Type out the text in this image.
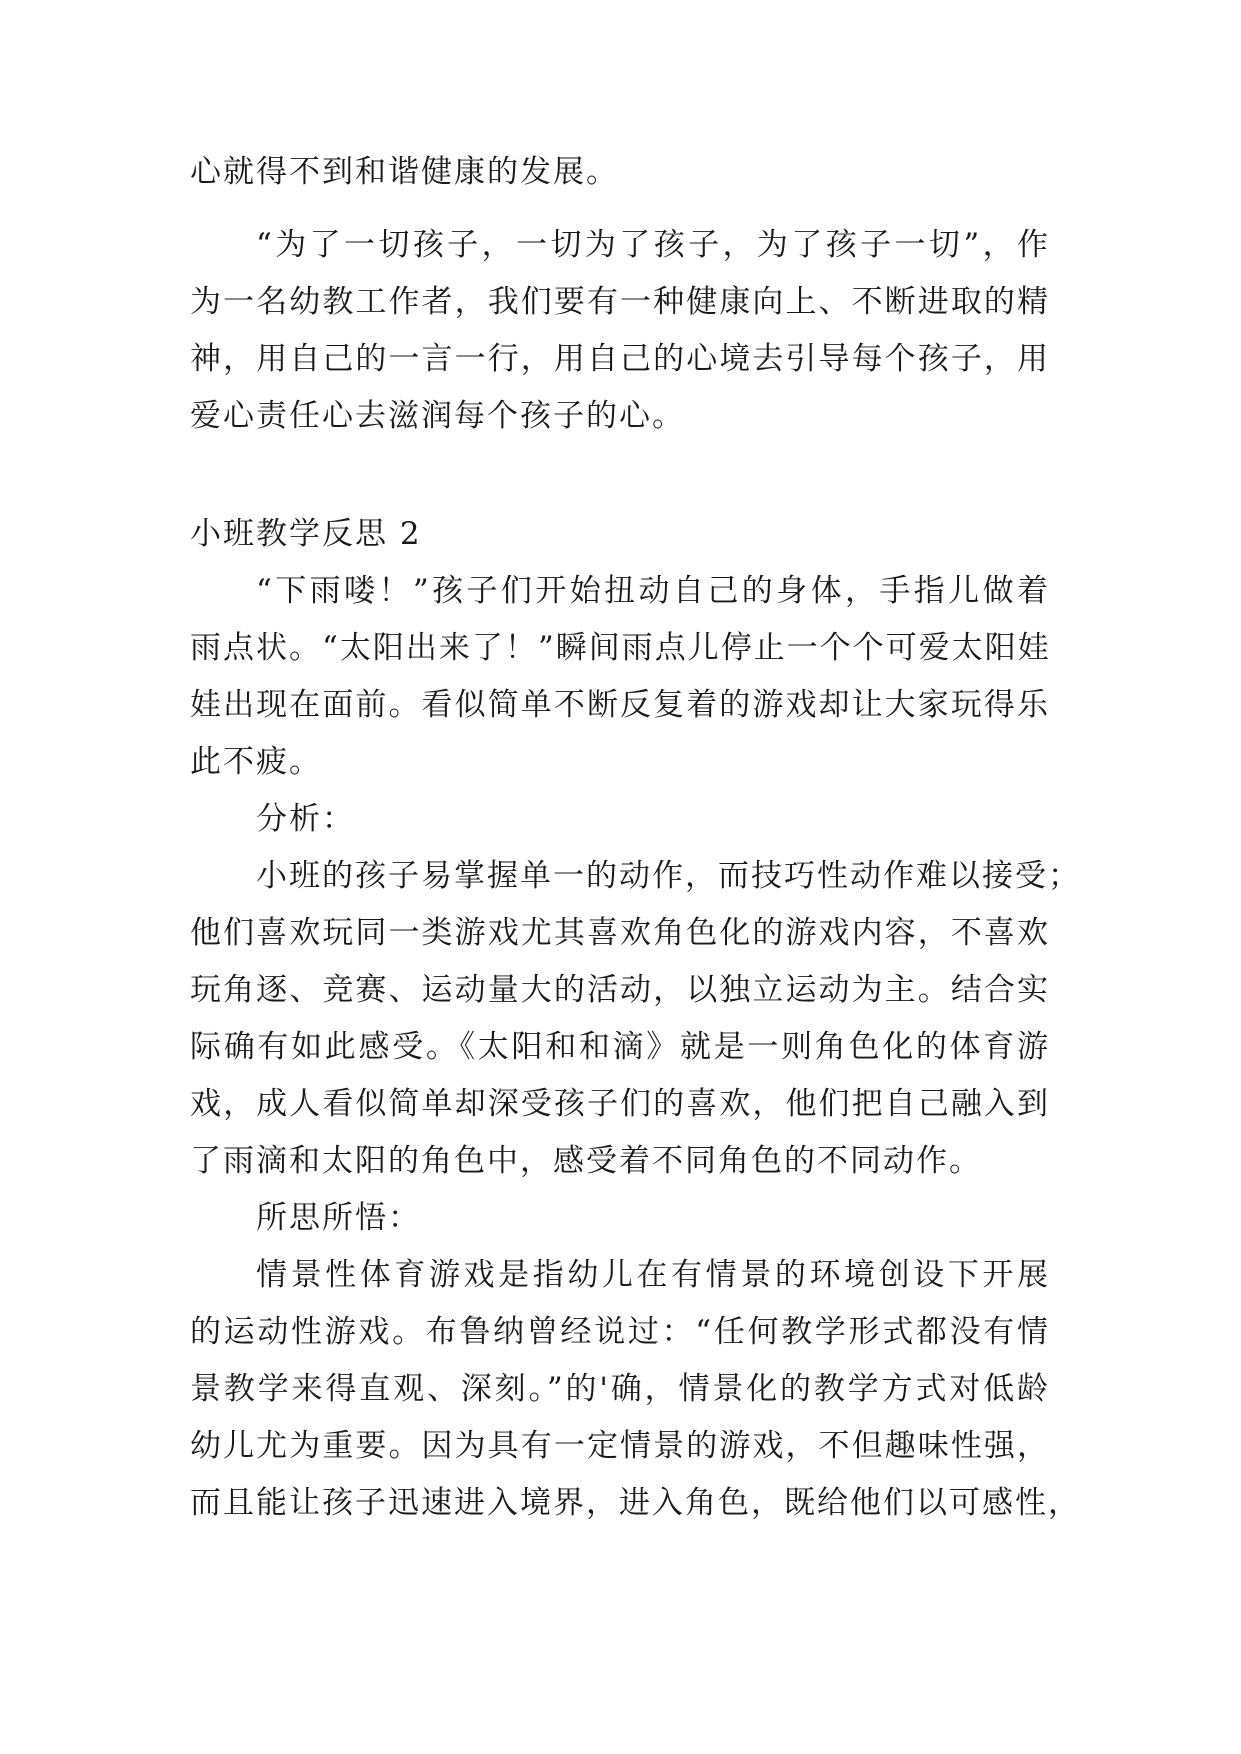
心就得不到和谐健康的发展。
“为了一切孩子，一切为了孩子，为了孩子一切”，作
为一名幼教工作者，我们要有一种健康向上、不断进取的精
神，用自己的一言一行，用自己的心境去引导每个孩子，用
爱心责任心去滋润每个孩子的心。
小班教学反思 2
“下雨喽！”孩子们开始扭动自己的身体，手指儿做着
雨点状。“太阳出来了！”瞬间雨点儿停止一个个可爱太阳娃
娃出现在面前。看似简单不断反复着的游戏却让大家玩得乐
此不疲。
分析：
小班的孩子易掌握单一的动作，而技巧性动作难以接受；
他们喜欢玩同一类游戏尤其喜欢角色化的游戏内容，不喜欢
玩角逐、竞赛、运动量大的活动，以独立运动为主。结合实
际确有如此感受。《太阳和和滴》就是一则角色化的体育游
戏，成人看似简单却深受孩子们的喜欢，他们把自己融入到
了雨滴和太阳的角色中，感受着不同角色的不同动作。
所思所悟：
情景性体育游戏是指幼儿在有情景的环境创设下开展
的运动性游戏。布鲁纳曾经说过：“任何教学形式都没有情
景教学来得直观、深刻。”的'确，情景化的教学方式对低龄
幼儿尤为重要。因为具有一定情景的游戏，不但趣味性强，
而且能让孩子迅速进入境界，进入角色，既给他们以可感性，
